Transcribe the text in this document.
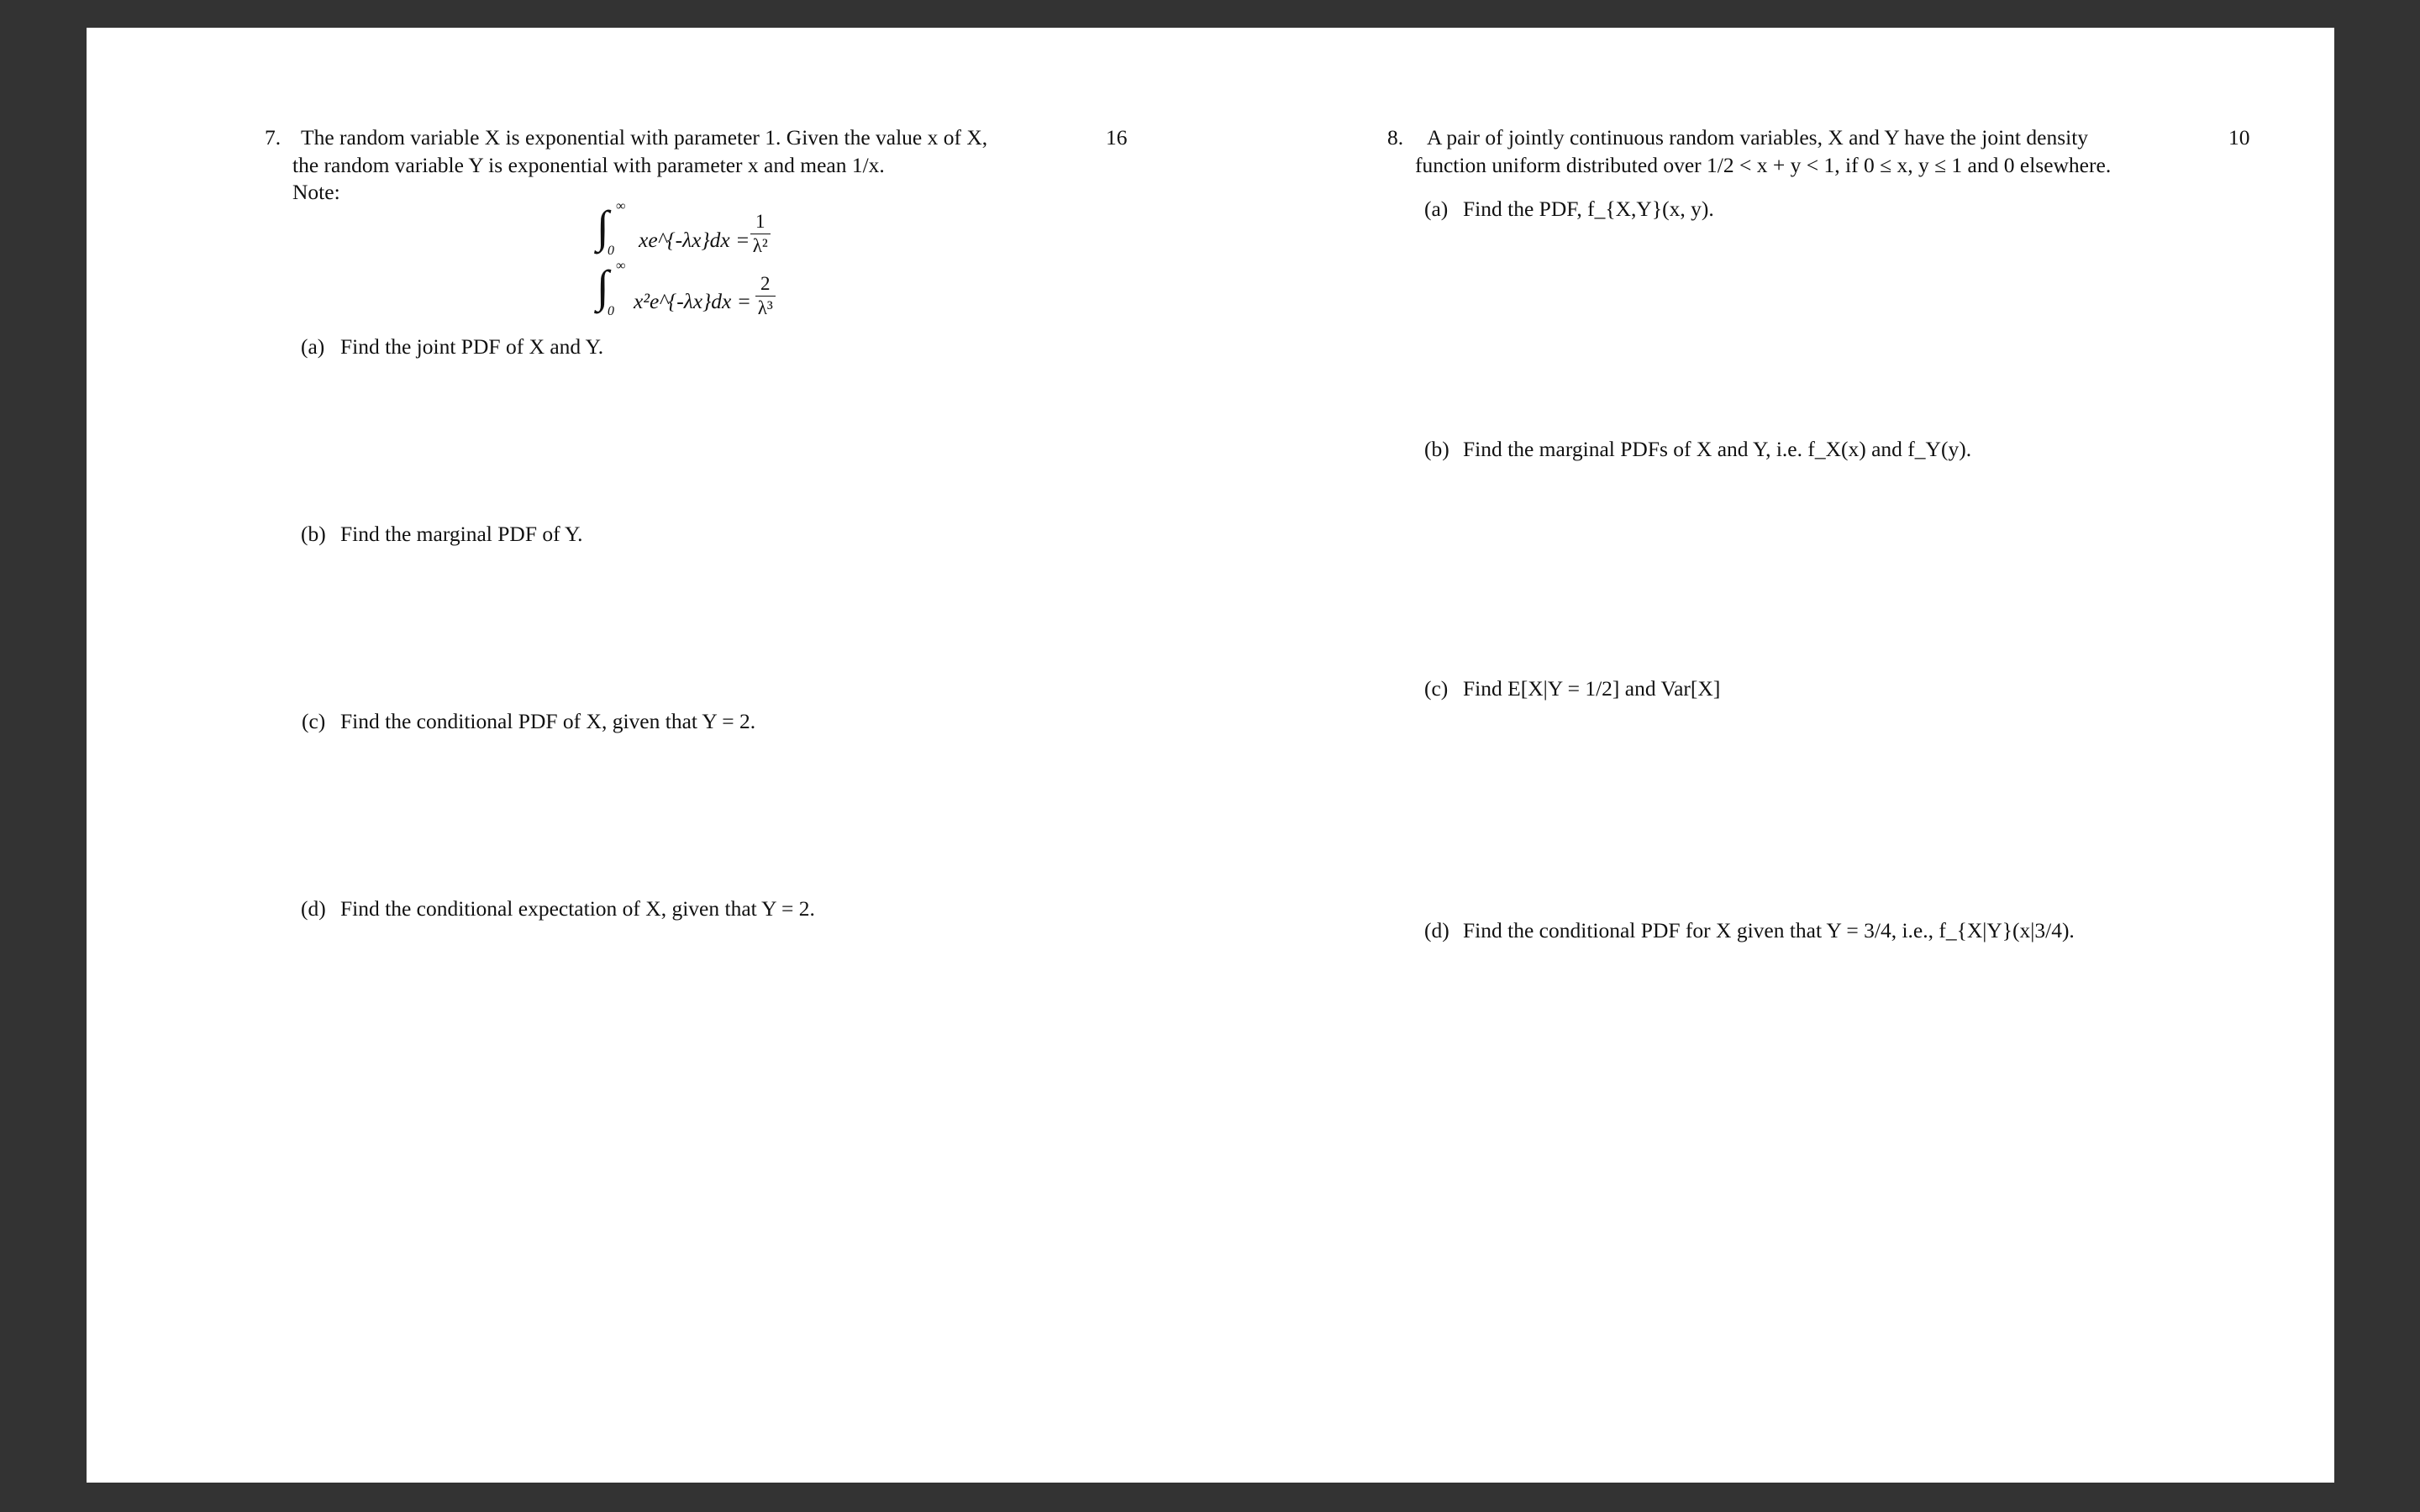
7.	16
The random variable X is exponential with parameter 1. Given the value x of X,
the random variable Y is exponential with parameter x and mean 1/x.
Note:
∫ ∞
0 xe^{-λx}dx = $\frac{1}{\text{λ²}}$
∫ ∞
0 x²e^{-λx}dx = $\frac{2}{\text{λ³}}$
(a) Find the joint PDF of X and Y.
(b) Find the marginal PDF of Y.
(c) Find the conditional PDF of X, given that Y = 2.
(d) Find the conditional expectation of X, given that Y = 2.
8.	10
A pair of jointly continuous random variables, X and Y have the joint density
function uniform distributed over 1/2 < x + y < 1, if 0 ≤ x, y ≤ 1 and 0 elsewhere.
(a) Find the PDF, f_{X,Y}(x, y).
(b) Find the marginal PDFs of X and Y, i.e. f_X(x) and f_Y(y).
(c) Find E[X|Y = 1/2] and Var[X]
(d) Find the conditional PDF for X given that Y = 3/4, i.e., f_{X|Y}(x|3/4).
